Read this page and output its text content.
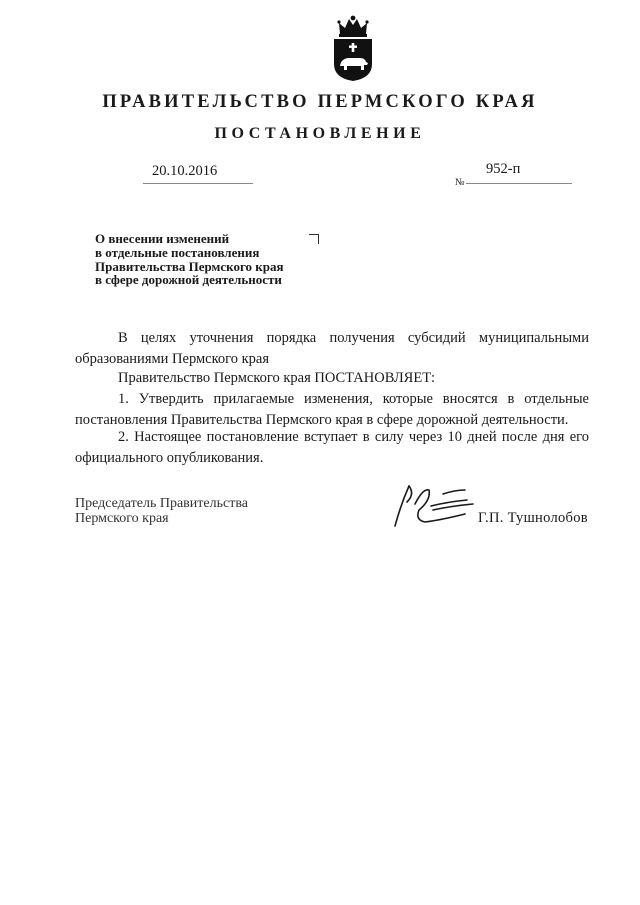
ПРАВИТЕЛЬСТВО ПЕРМСКОГО КРАЯ
ПОСТАНОВЛЕНИЕ
20.10.2016
№
952-п
О внесении изменений
в отдельные постановления
Правительства Пермского края
в сфере дорожной деятельности
В целях уточнения порядка получения субсидий муниципальными образованиями Пермского края
Правительство Пермского края ПОСТАНОВЛЯЕТ:
1. Утвердить прилагаемые изменения, которые вносятся в отдельные постановления Правительства Пермского края в сфере дорожной деятельности.
2. Настоящее постановление вступает в силу через 10 дней после дня его официального опубликования.
Председатель Правительства
Пермского края	Г.П. Тушнолобов
